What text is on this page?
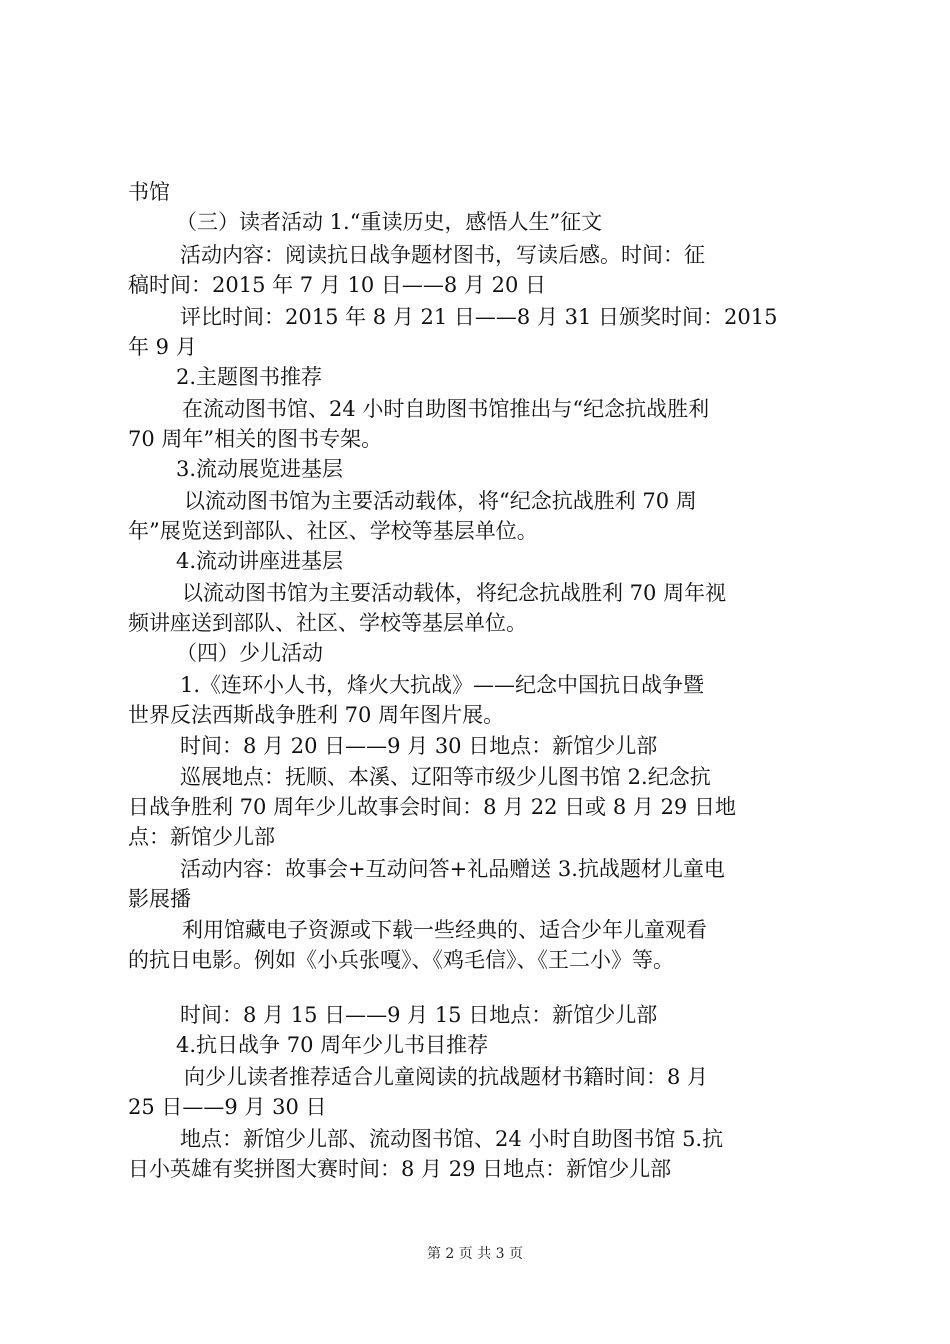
书馆
（三）读者活动 1.“重读历史，感悟人生”征文
活动内容：阅读抗日战争题材图书，写读后感。时间：征
稿时间：2015 年 7 月 10 日——8 月 20 日
评比时间：2015 年 8 月 21 日——8 月 31 日颁奖时间：2015
年 9 月
2.主题图书推荐
在流动图书馆、24 小时自助图书馆推出与“纪念抗战胜利
70 周年”相关的图书专架。
3.流动展览进基层
以流动图书馆为主要活动载体，将“纪念抗战胜利 70 周
年”展览送到部队、社区、学校等基层单位。
4.流动讲座进基层
以流动图书馆为主要活动载体，将纪念抗战胜利 70 周年视
频讲座送到部队、社区、学校等基层单位。
（四）少儿活动
1.《连环小人书，烽火大抗战》——纪念中国抗日战争暨
世界反法西斯战争胜利 70 周年图片展。
时间：8 月 20 日——9 月 30 日地点：新馆少儿部
巡展地点：抚顺、本溪、辽阳等市级少儿图书馆 2.纪念抗
日战争胜利 70 周年少儿故事会时间：8 月 22 日或 8 月 29 日地
点：新馆少儿部
活动内容：故事会+互动问答+礼品赠送 3.抗战题材儿童电
影展播
利用馆藏电子资源或下载一些经典的、适合少年儿童观看
的抗日电影。例如《小兵张嘎》、《鸡毛信》、《王二小》等。
时间：8 月 15 日——9 月 15 日地点：新馆少儿部
4.抗日战争 70 周年少儿书目推荐
向少儿读者推荐适合儿童阅读的抗战题材书籍时间：8 月
25 日——9 月 30 日
地点：新馆少儿部、流动图书馆、24 小时自助图书馆 5.抗
日小英雄有奖拼图大赛时间：8 月 29 日地点：新馆少儿部
第 2 页 共 3 页
